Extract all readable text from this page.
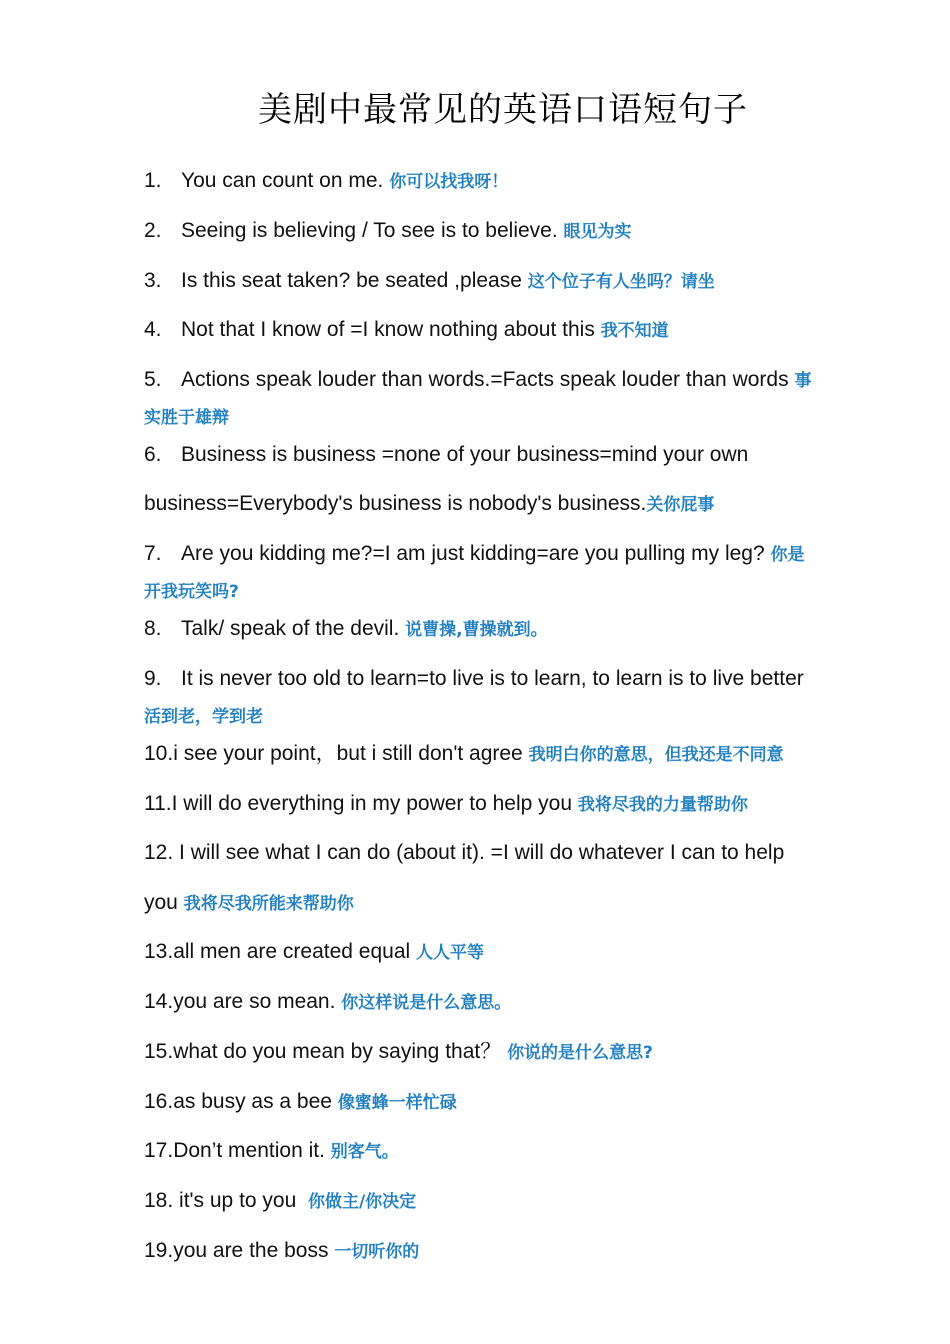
美剧中最常见的英语口语短句子
1. You can count on me. 你可以找我呀！
2. Seeing is believing / To see is to believe. 眼见为实
3. Is this seat taken? be seated ,please 这个位子有人坐吗？请坐
4. Not that I know of =I know nothing about this 我不知道
5. Actions speak louder than words.=Facts speak louder than words 事
实胜于雄辩
6. Business is business =none of your business=mind your own
business=Everybody's business is nobody's business.关你屁事
7. Are you kidding me?=I am just kidding=are you pulling my leg? 你是
开我玩笑吗?
8. Talk/ speak of the devil. 说曹操,曹操就到。
9. It is never too old to learn=to live is to learn, to learn is to live better
活到老，学到老
10.i see your point，but i still don't agree 我明白你的意思，但我还是不同意
11.I will do everything in my power to help you 我将尽我的力量帮助你
12. I will see what I can do (about it). =I will do whatever I can to help
you 我将尽我所能来帮助你
13.all men are created equal 人人平等
14.you are so mean. 你这样说是什么意思。
15.what do you mean by saying that？ 你说的是什么意思?
16.as busy as a bee 像蜜蜂一样忙碌
17.Don’t mention it. 别客气。
18. it's up to you 你做主/你决定
19.you are the boss 一切听你的
